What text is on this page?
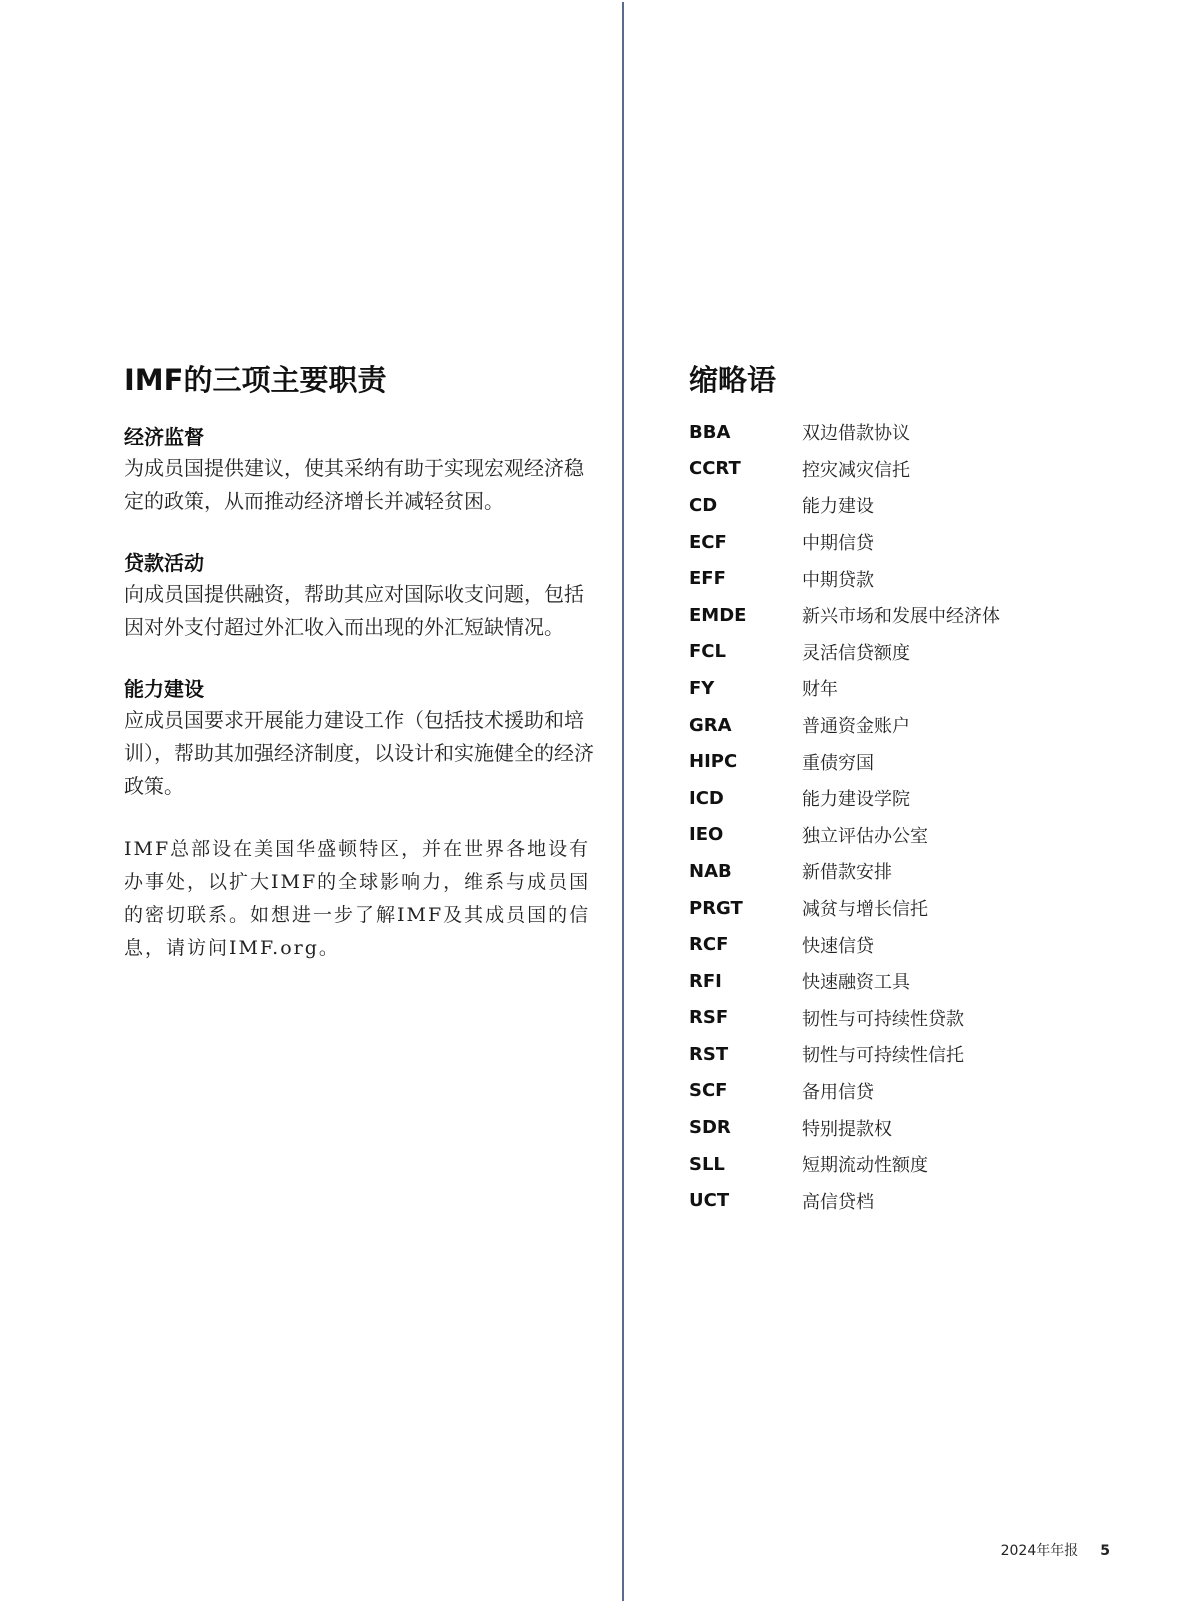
IMF的三项主要职责
经济监督
为成员国提供建议，使其采纳有助于实现宏观经济稳定的政策，从而推动经济增长并减轻贫困。
贷款活动
向成员国提供融资，帮助其应对国际收支问题，包括因对外支付超过外汇收入而出现的外汇短缺情况。
能力建设
应成员国要求开展能力建设工作（包括技术援助和培训），帮助其加强经济制度，以设计和实施健全的经济政策。
IMF总部设在美国华盛顿特区，并在世界各地设有办事处，以扩大IMF的全球影响力，维系与成员国的密切联系。如想进一步了解IMF及其成员国的信息，请访问IMF.org。
缩略语
BBA	双边借款协议
CCRT	控灾减灾信托
CD	能力建设
ECF	中期信贷
EFF	中期贷款
EMDE	新兴市场和发展中经济体
FCL	灵活信贷额度
FY	财年
GRA	普通资金账户
HIPC	重债穷国
ICD	能力建设学院
IEO	独立评估办公室
NAB	新借款安排
PRGT	减贫与增长信托
RCF	快速信贷
RFI	快速融资工具
RSF	韧性与可持续性贷款
RST	韧性与可持续性信托
SCF	备用信贷
SDR	特别提款权
SLL	短期流动性额度
UCT	高信贷档
2024年年报 5
